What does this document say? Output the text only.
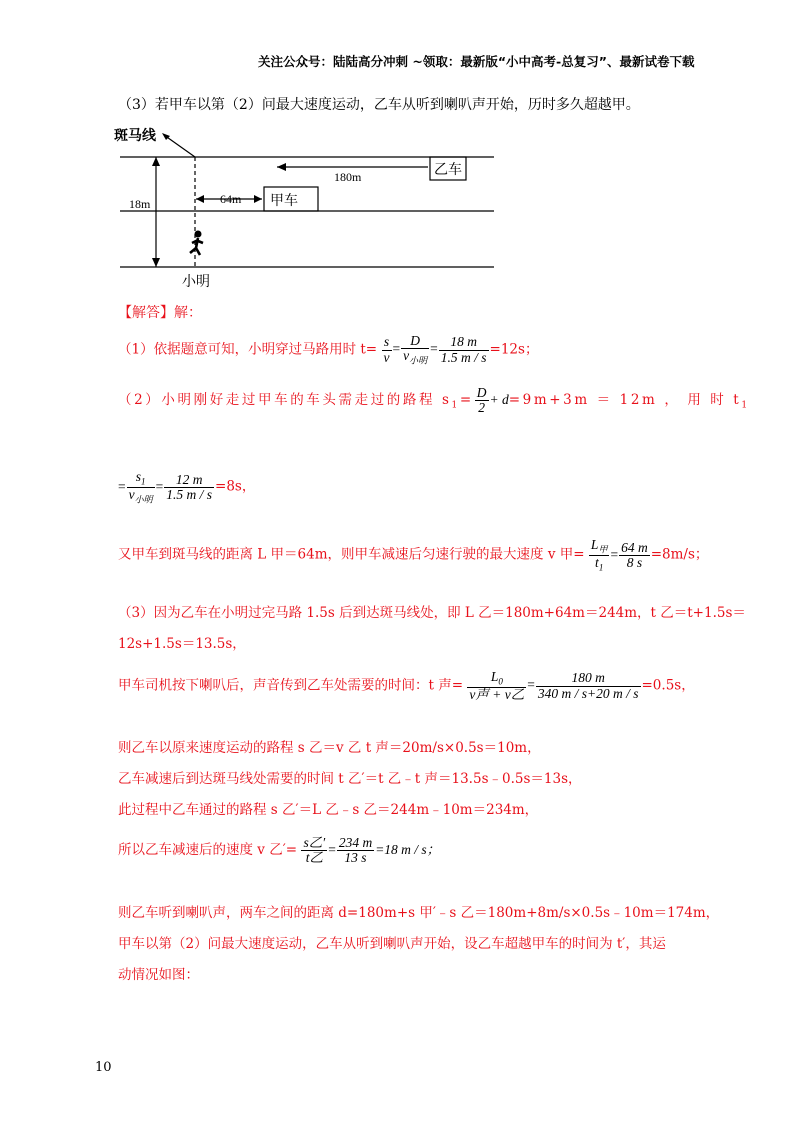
关注公众号：陆陆高分冲刺 ~领取：最新版“小中高考-总复习”、最新试卷下载
（3）若甲车以第（2）问最大速度运动，乙车从听到喇叭声开始，历时多久超越甲。
斑马线
180m	乙车
18m	64m 甲车
小明
【解答】解：
（1）依据题意可知，小明穿过马路用时 $t= \frac{s}{v} = \frac{D}{v_{小明}} = \frac{18 m}{1.5 m / s} =12s$；
（2）小明刚好走过甲车的车头需走过的路程 $s_1= \frac{D}{2} + d=9m+3m = 12m$ ， 用 时 $t_1$
= $\frac{s_1}{v_{小明}} = \frac{12 m}{1.5 m / s} =8s$，
又甲车到斑马线的距离 L 甲＝64m，则甲车减速后匀速行驶的最大速度 v 甲= $\frac{L_甲}{t_1} = \frac{64 m}{8 s} =8m/s$；
（3）因为乙车在小明过完马路 1.5s 后到达斑马线处，即 L 乙＝180m+64m＝244m，t 乙＝t+1.5s＝
12s+1.5s＝13.5s，
甲车司机按下喇叭后，声音传到乙车处需要的时间：t 声= $\frac{L_0}{\text{v声 + v乙}} = \frac{180 m}{340 m / s+20 m / s} =0.5s$，
则乙车以原来速度运动的路程 s 乙＝v 乙 t 声＝20m/s×0.5s＝10m，
乙车减速后到达斑马线处需要的时间 t 乙′＝t 乙﹣t 声＝13.5s﹣0.5s＝13s，
此过程中乙车通过的路程 s 乙′＝L 乙﹣s 乙＝244m﹣10m＝234m，
所以乙车减速后的速度 v 乙′= $\frac{\text{s乙′}}{\text{t乙}} = \frac{234 m}{13 s} =18$ m / s；
则乙车听到喇叭声，两车之间的距离 d=180m+s 甲′﹣s 乙＝180m+8m/s×0.5s﹣10m＝174m，
甲车以第（2）问最大速度运动，乙车从听到喇叭声开始，设乙车超越甲车的时间为 t′，其运
动情况如图：
10
